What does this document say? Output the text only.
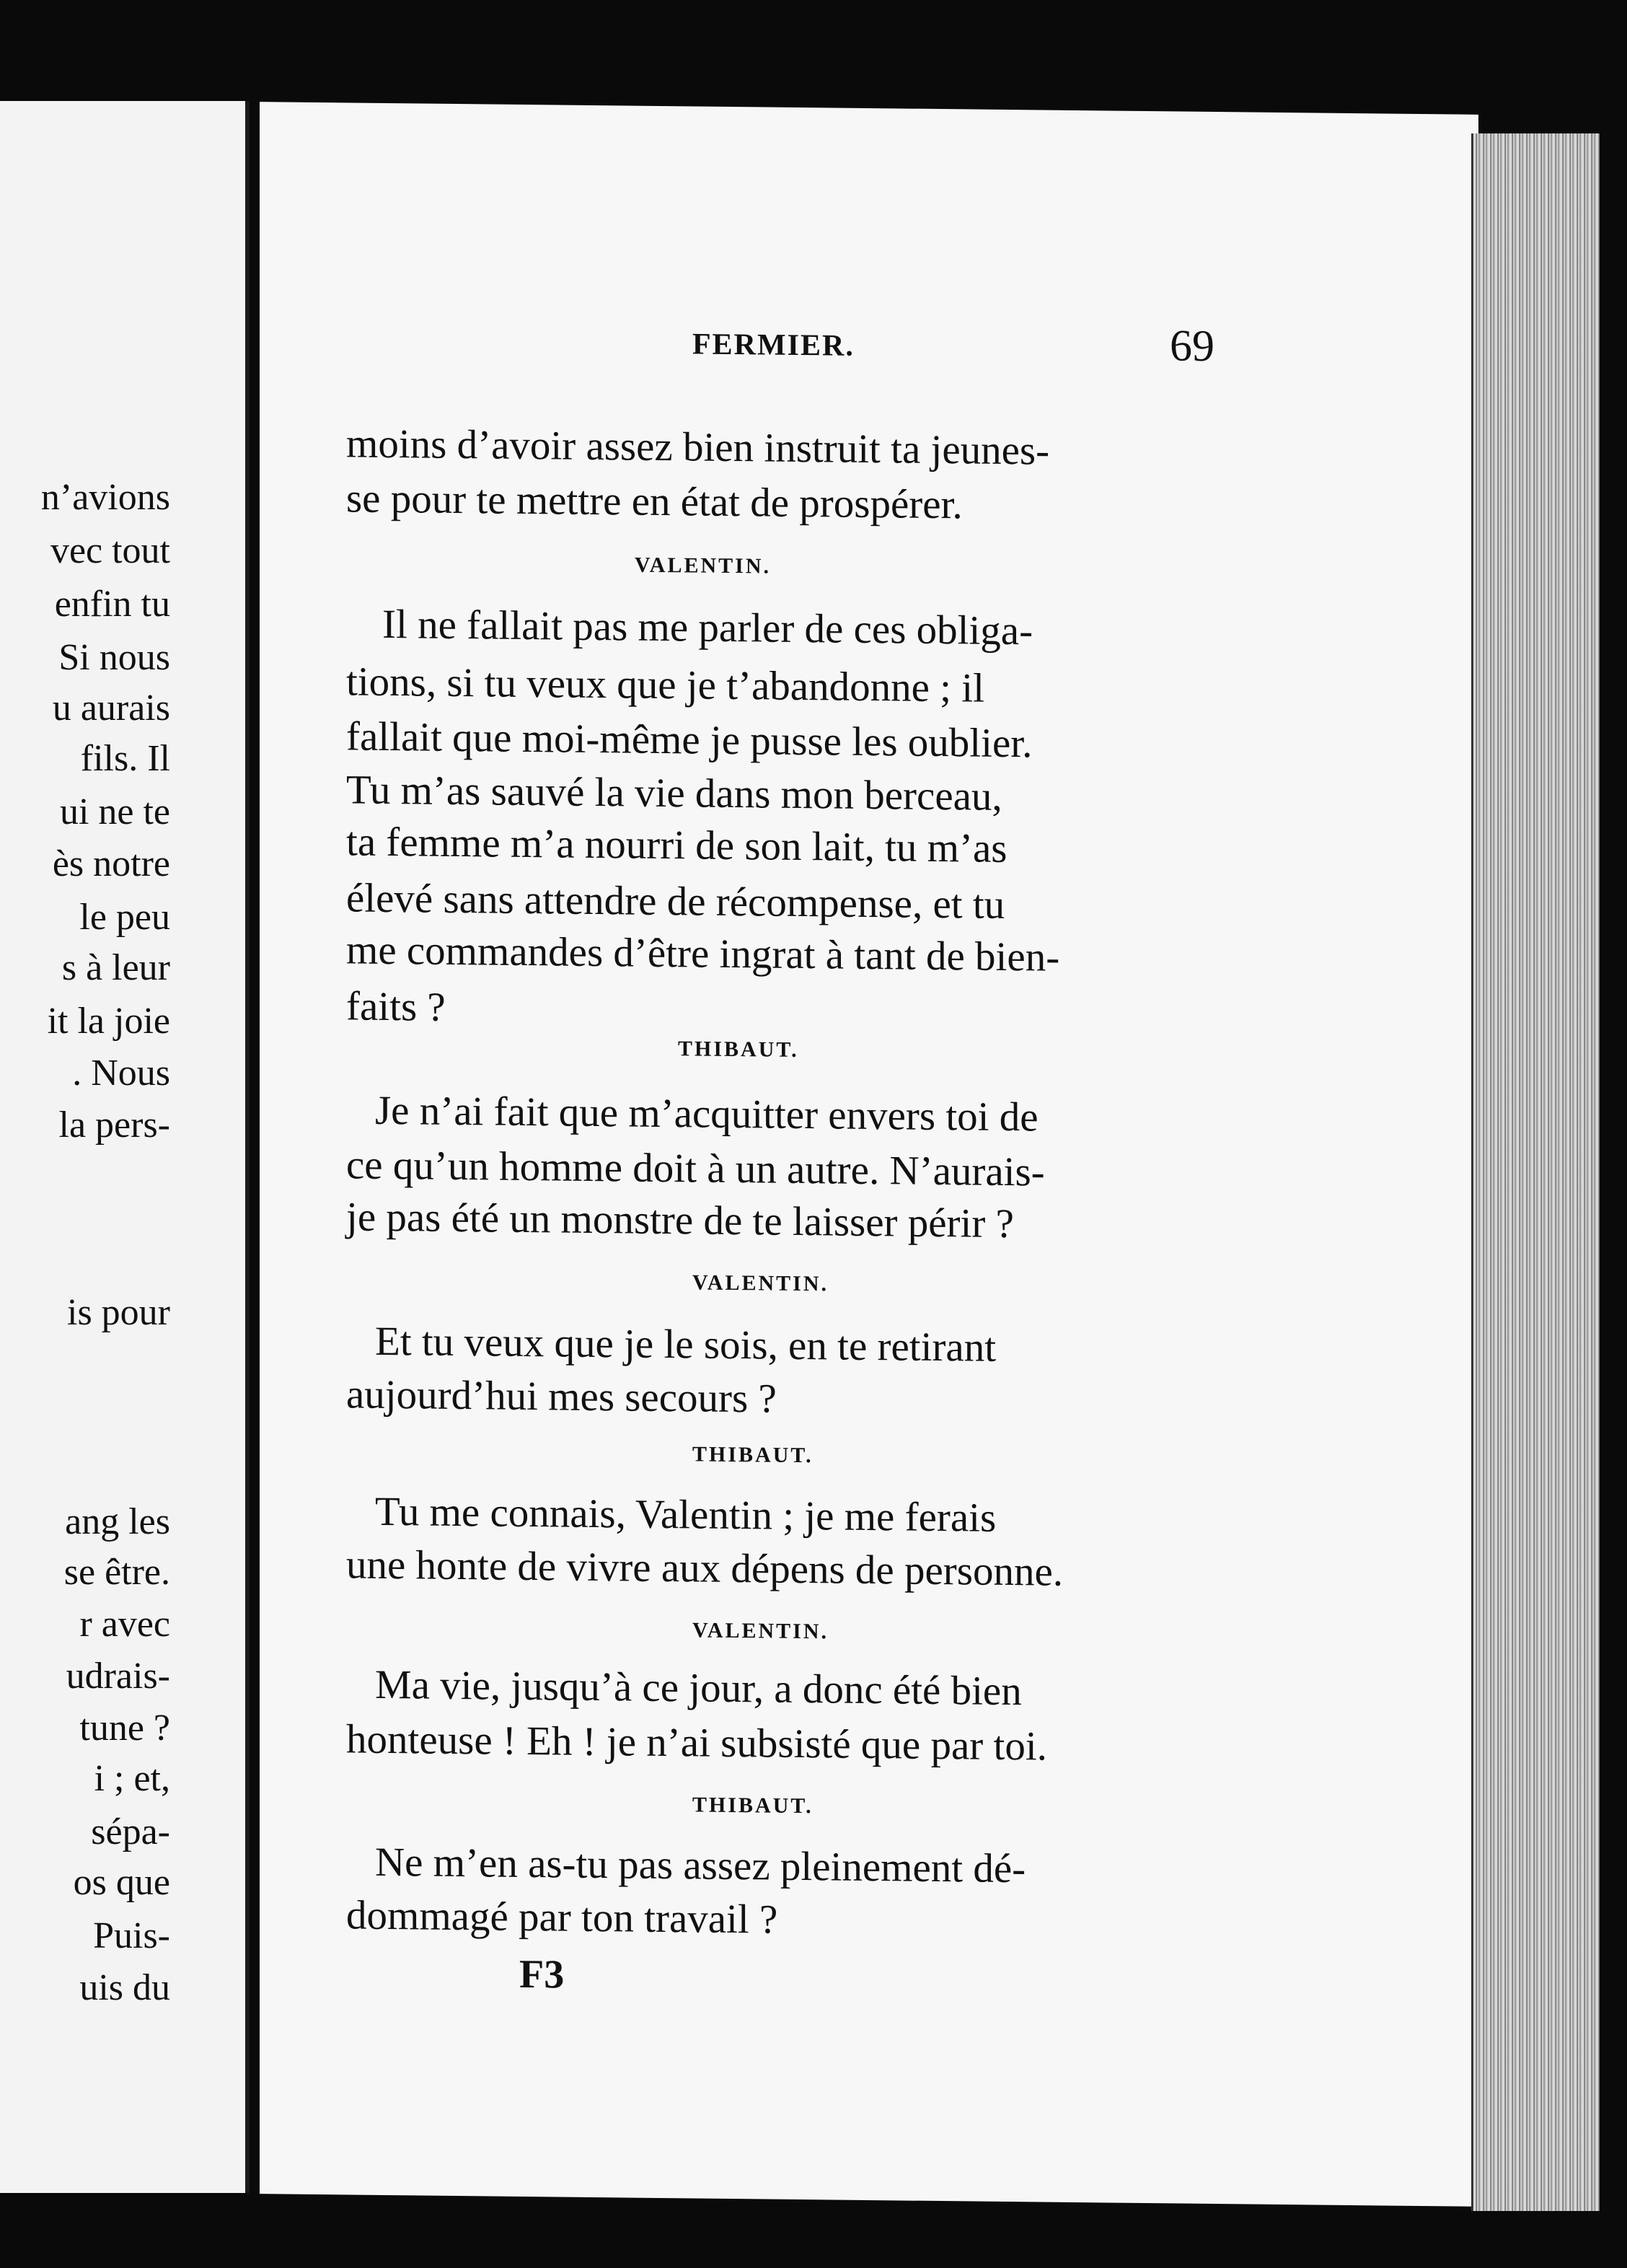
n’avions
vec tout
enfin tu
Si nous
u aurais
fils. Il
ui ne te
ès notre
le peu
s à leur
it la joie
. Nous
la pers-
is pour
ang les
se être.
r avec
udrais-
tune ?
i ; et,
sépa-
os que
Puis-
uis du
FERMIER.	69
moins d’avoir assez bien instruit ta jeunes-
se pour te mettre en état de prospérer.
VALENTIN.
Il ne fallait pas me parler de ces obliga-
tions, si tu veux que je t’abandonne ; il
fallait que moi-même je pusse les oublier.
Tu m’as sauvé la vie dans mon berceau,
ta femme m’a nourri de son lait, tu m’as
élevé sans attendre de récompense, et tu
me commandes d’être ingrat à tant de bien-
faits ?
THIBAUT.
Je n’ai fait que m’acquitter envers toi de
ce qu’un homme doit à un autre. N’aurais-
je pas été un monstre de te laisser périr ?
VALENTIN.
Et tu veux que je le sois, en te retirant
aujourd’hui mes secours ?
THIBAUT.
Tu me connais, Valentin ; je me ferais
une honte de vivre aux dépens de personne.
VALENTIN.
Ma vie, jusqu’à ce jour, a donc été bien
honteuse ! Eh ! je n’ai subsisté que par toi.
THIBAUT.
Ne m’en as-tu pas assez pleinement dé-
dommagé par ton travail ?
F3
